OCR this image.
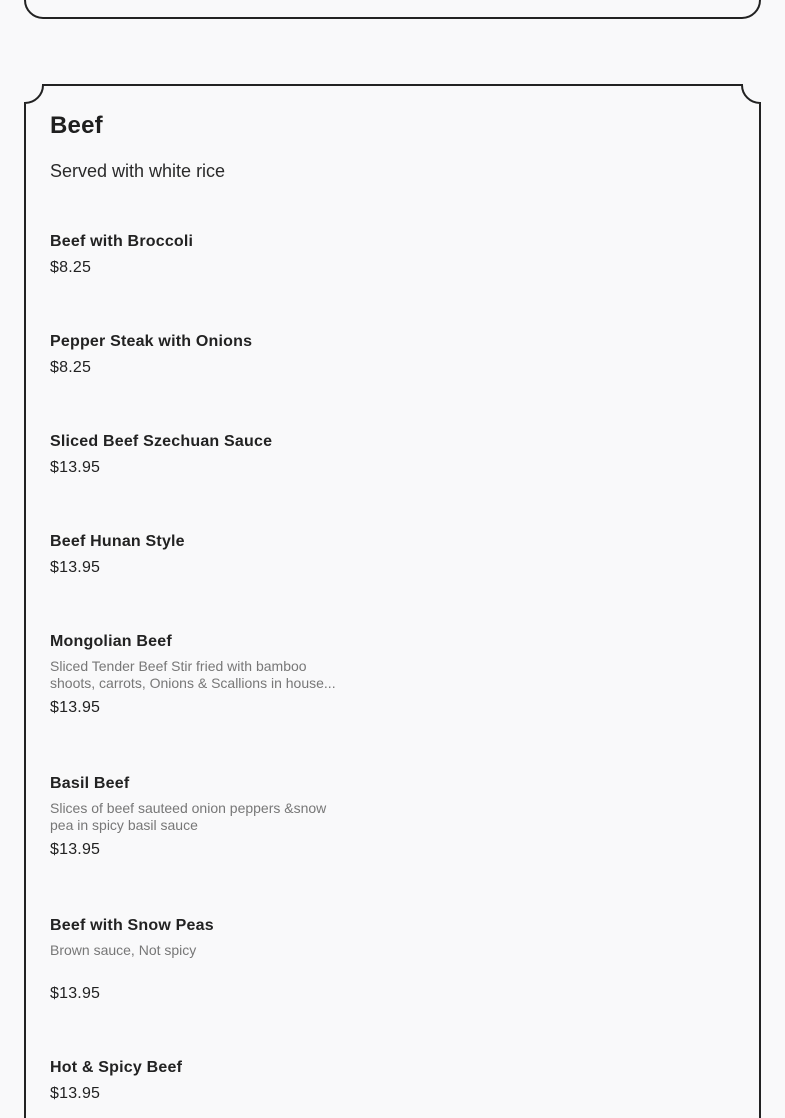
Beef
Served with white rice
Beef with Broccoli
$8.25
Pepper Steak with Onions
$8.25
Sliced Beef Szechuan Sauce
$13.95
Beef Hunan Style
$13.95
Mongolian Beef
Sliced Tender Beef Stir fried with bamboo shoots, carrots, Onions & Scallions in house...
$13.95
Basil Beef
Slices of beef sauteed onion peppers &snow pea in spicy basil sauce
$13.95
Beef with Snow Peas
Brown sauce, Not spicy
$13.95
Hot & Spicy Beef
$13.95
